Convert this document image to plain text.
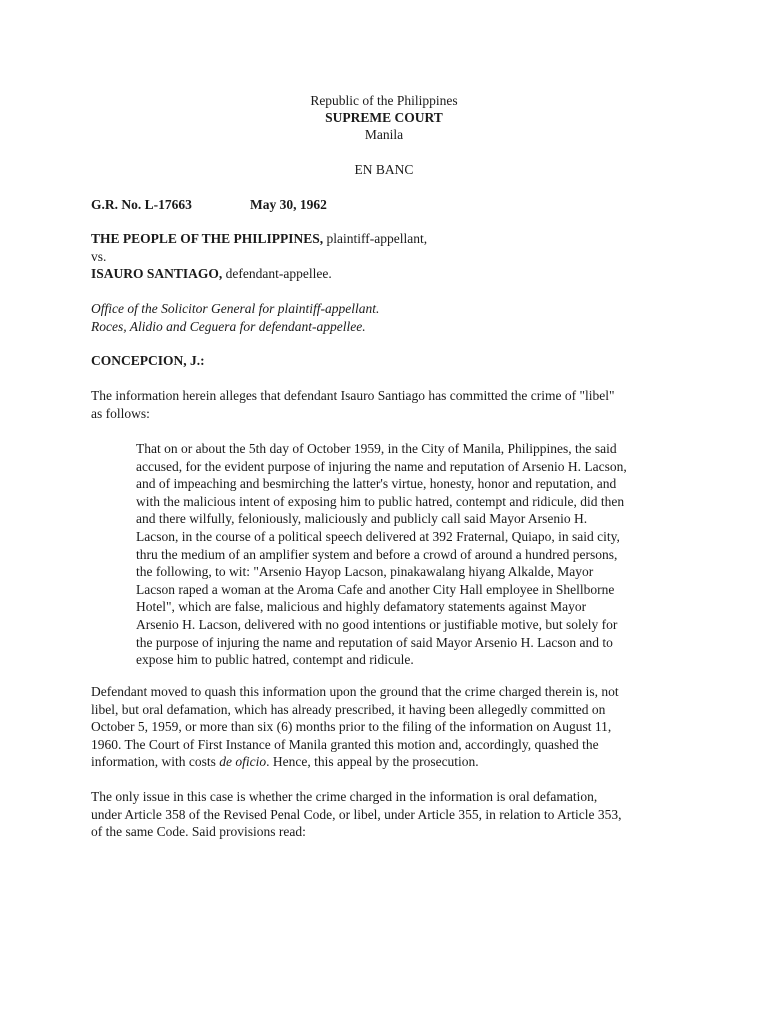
Republic of the Philippines
SUPREME COURT
Manila
EN BANC
G.R. No. L-17663	May 30, 1962
THE PEOPLE OF THE PHILIPPINES, plaintiff-appellant,
vs.
ISAURO SANTIAGO, defendant-appellee.
Office of the Solicitor General for plaintiff-appellant.
Roces, Alidio and Ceguera for defendant-appellee.
CONCEPCION, J.:
The information herein alleges that defendant Isauro Santiago has committed the crime of "libel"
as follows:
That on or about the 5th day of October 1959, in the City of Manila, Philippines, the said
accused, for the evident purpose of injuring the name and reputation of Arsenio H. Lacson,
and of impeaching and besmirching the latter's virtue, honesty, honor and reputation, and
with the malicious intent of exposing him to public hatred, contempt and ridicule, did then
and there wilfully, feloniously, maliciously and publicly call said Mayor Arsenio H.
Lacson, in the course of a political speech delivered at 392 Fraternal, Quiapo, in said city,
thru the medium of an amplifier system and before a crowd of around a hundred persons,
the following, to wit: "Arsenio Hayop Lacson, pinakawalang hiyang Alkalde, Mayor
Lacson raped a woman at the Aroma Cafe and another City Hall employee in Shellborne
Hotel", which are false, malicious and highly defamatory statements against Mayor
Arsenio H. Lacson, delivered with no good intentions or justifiable motive, but solely for
the purpose of injuring the name and reputation of said Mayor Arsenio H. Lacson and to
expose him to public hatred, contempt and ridicule.
Defendant moved to quash this information upon the ground that the crime charged therein is, not
libel, but oral defamation, which has already prescribed, it having been allegedly committed on
October 5, 1959, or more than six (6) months prior to the filing of the information on August 11,
1960. The Court of First Instance of Manila granted this motion and, accordingly, quashed the
information, with costs de oficio. Hence, this appeal by the prosecution.
The only issue in this case is whether the crime charged in the information is oral defamation,
under Article 358 of the Revised Penal Code, or libel, under Article 355, in relation to Article 353,
of the same Code. Said provisions read:
